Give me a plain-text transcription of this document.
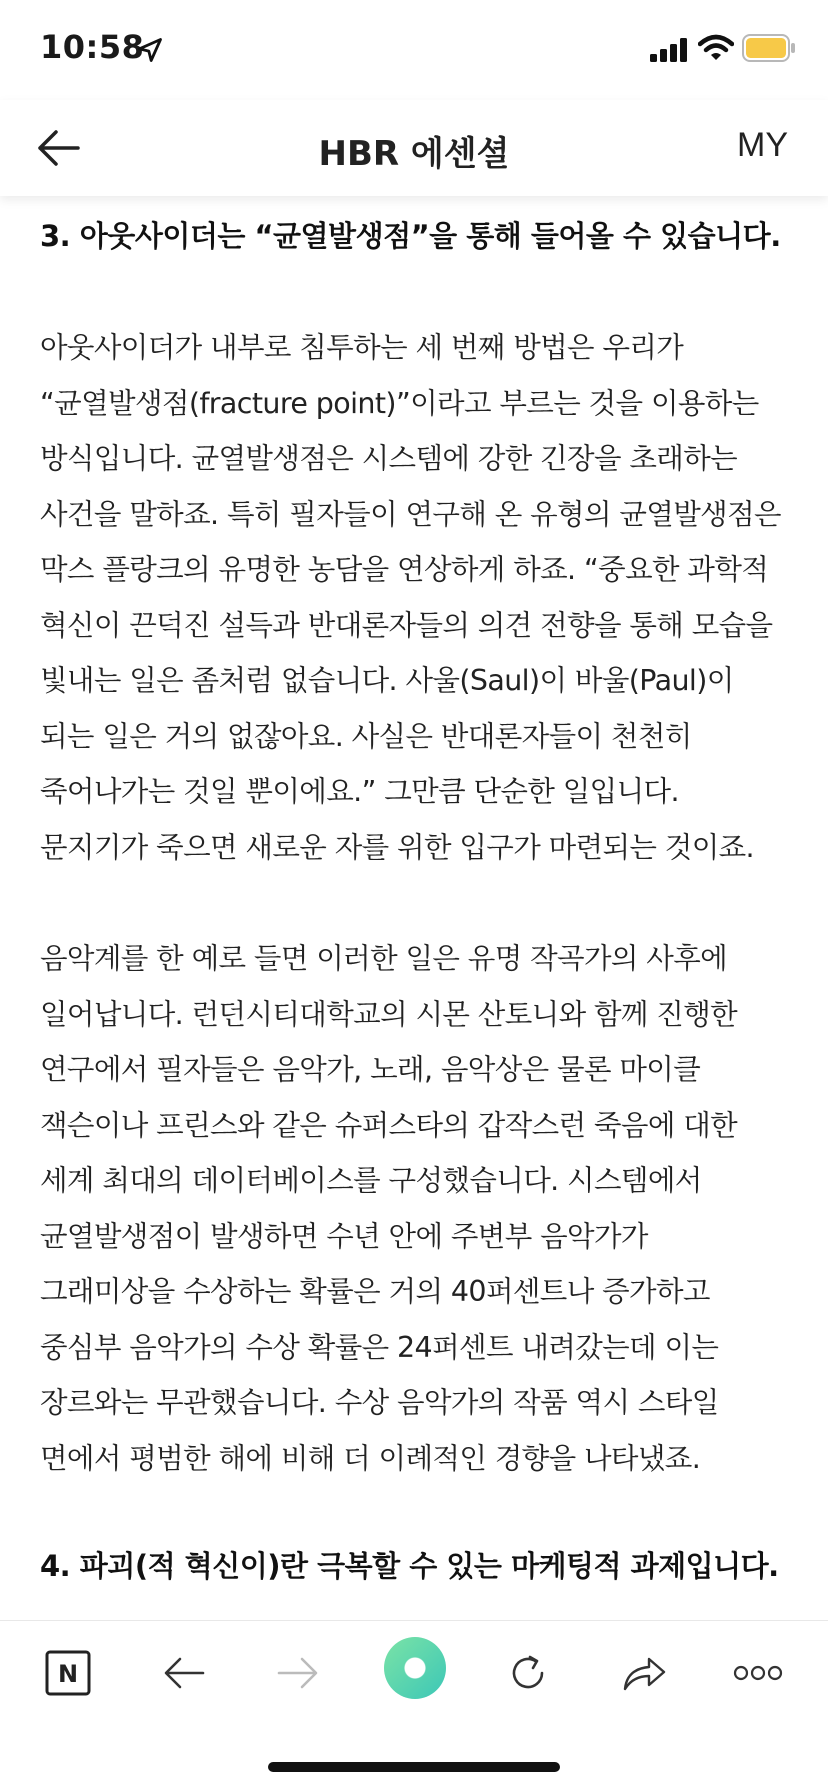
10:58
HBR 에센셜	MY
3. 아웃사이더는 “균열발생점”을 통해 들어올 수 있습니다.

아웃사이더가 내부로 침투하는 세 번째 방법은 우리가 “균열발생점(fracture point)”이라고 부르는 것을 이용하는 방식입니다. 균열발생점은 시스템에 강한 긴장을 초래하는 사건을 말하죠. 특히 필자들이 연구해 온 유형의 균열발생점은 막스 플랑크의 유명한 농담을 연상하게 하죠. “중요한 과학적 혁신이 끈덕진 설득과 반대론자들의 의견 전향을 통해 모습을 빛내는 일은 좀처럼 없습니다. 사울(Saul)이 바울(Paul)이 되는 일은 거의 없잖아요. 사실은 반대론자들이 천천히 죽어나가는 것일 뿐이에요.” 그만큼 단순한 일입니다. 문지기가 죽으면 새로운 자를 위한 입구가 마련되는 것이죠.

음악계를 한 예로 들면 이러한 일은 유명 작곡가의 사후에 일어납니다. 런던시티대학교의 시몬 산토니와 함께 진행한 연구에서 필자들은 음악가, 노래, 음악상은 물론 마이클 잭슨이나 프린스와 같은 슈퍼스타의 갑작스런 죽음에 대한 세계 최대의 데이터베이스를 구성했습니다. 시스템에서 균열발생점이 발생하면 수년 안에 주변부 음악가가 그래미상을 수상하는 확률은 거의 40퍼센트나 증가하고 중심부 음악가의 수상 확률은 24퍼센트 내려갔는데 이는 장르와는 무관했습니다. 수상 음악가의 작품 역시 스타일 면에서 평범한 해에 비해 더 이례적인 경향을 나타냈죠.

4. 파괴(적 혁신이)란 극복할 수 있는 마케팅적 과제입니다.
N
